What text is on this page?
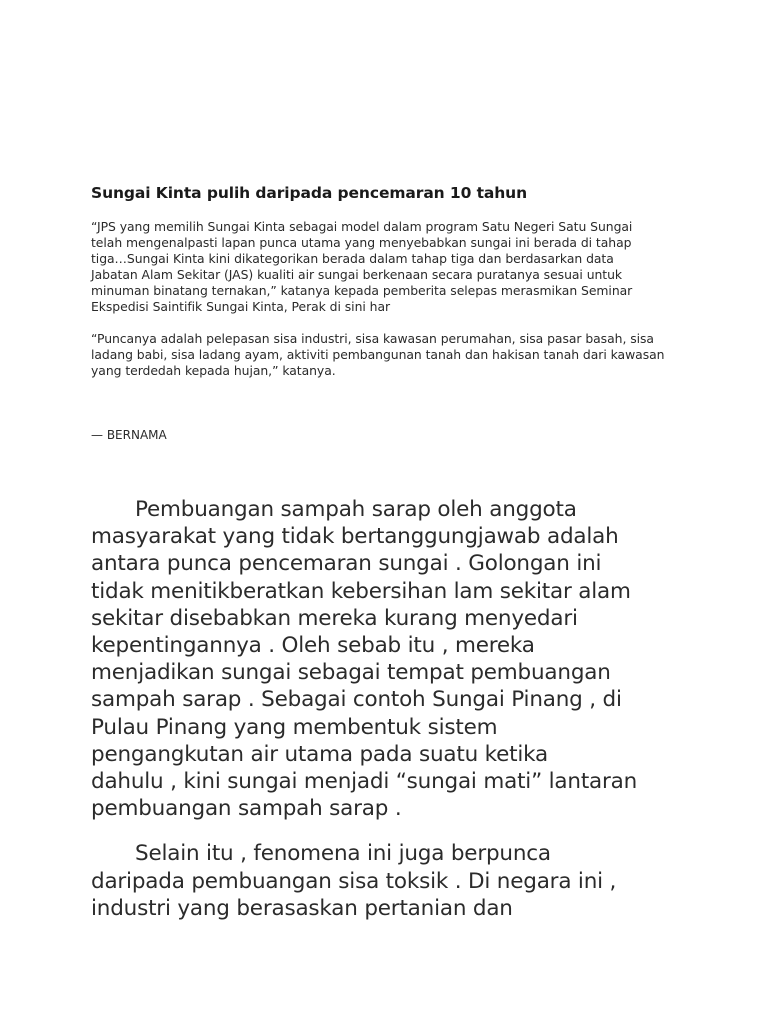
Sungai Kinta pulih daripada pencemaran 10 tahun

“JPS yang memilih Sungai Kinta sebagai model dalam program Satu Negeri Satu Sungai
telah mengenalpasti lapan punca utama yang menyebabkan sungai ini berada di tahap
tiga…Sungai Kinta kini dikategorikan berada dalam tahap tiga dan berdasarkan data
Jabatan Alam Sekitar (JAS) kualiti air sungai berkenaan secara puratanya sesuai untuk
minuman binatang ternakan,” katanya kepada pemberita selepas merasmikan Seminar
Ekspedisi Saintifik Sungai Kinta, Perak di sini har

“Puncanya adalah pelepasan sisa industri, sisa kawasan perumahan, sisa pasar basah, sisa
ladang babi, sisa ladang ayam, aktiviti pembangunan tanah dan hakisan tanah dari kawasan
yang terdedah kepada hujan,” katanya.

— BERNAMA

Pembuangan sampah sarap oleh anggota
masyarakat yang tidak bertanggungjawab adalah
antara punca pencemaran sungai . Golongan ini
tidak menitikberatkan kebersihan lam sekitar alam
sekitar disebabkan mereka kurang menyedari
kepentingannya . Oleh sebab itu , mereka
menjadikan sungai sebagai tempat pembuangan
sampah sarap . Sebagai contoh Sungai Pinang , di
Pulau Pinang yang membentuk sistem
pengangkutan air utama pada suatu ketika
dahulu , kini sungai menjadi “sungai mati” lantaran
pembuangan sampah sarap .

Selain itu , fenomena ini juga berpunca
daripada pembuangan sisa toksik . Di negara ini ,
industri yang berasaskan pertanian dan
